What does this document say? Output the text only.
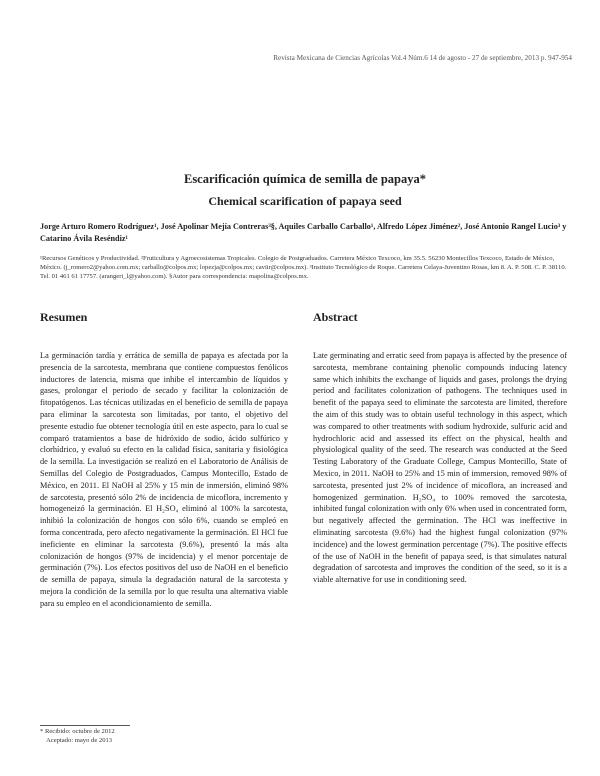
Revista Mexicana de Ciencias Agrícolas Vol.4 Núm.6 14 de agosto - 27 de septiembre, 2013 p. 947-954
Escarificación química de semilla de papaya*
Chemical scarification of papaya seed
Jorge Arturo Romero Rodríguez¹, José Apolinar Mejía Contreras³§, Aquiles Carballo Carballo¹, Alfredo López Jiménez², José Antonio Rangel Lucio³ y Catarino Ávila Reséndiz¹
¹Recursos Genéticos y Productividad. ²Fruticultura y Agroecosistemas Tropicales. Colegio de Postgraduados. Carretera México Texcoco, km 35.5. 56230 Montecillos Texcoco, Estado de México, México. (j_romero2@yahoo.com.mx; carballo@colpos.mx; lopezja@colpos.mx; caviir@colpos.mx). ³Instituto Tecnológico de Roque. Carretera Celaya-Juventino Rosas, km 8. A. P. 508. C. P. 38110. Tel. 01 461 61 17757. (arangeri_l@yahoo.com). §Autor para correspondencia: mapolina@colpos.mx.
Resumen	Abstract

La germinación tardía y errática de semilla de papaya es afectada por la presencia de la sarcotesta, membrana que contiene compuestos fenólicos inductores de latencia, misma que inhibe el intercambio de líquidos y gases, prolongar el periodo de secado y facilitar la colonización de fitopatógenos. Las técnicas utilizadas en el beneficio de semilla de papaya para eliminar la sarcotesta son limitadas, por tanto, el objetivo del presente estudio fue obtener tecnología útil en este aspecto, para lo cual se comparó tratamientos a base de hidróxido de sodio, ácido sulfúrico y clorhídrico, y evaluó su efecto en la calidad física, sanitaria y fisiológica de la semilla. La investigación se realizó en el Laboratorio de Análisis de Semillas del Colegio de Postgraduados, Campus Montecillo, Estado de México, en 2011. El NaOH al 25% y 15 min de inmersión, eliminó 98% de sarcotesta, presentó sólo 2% de incidencia de micoflora, incremento y homogeneizó la germinación. El H₂SO₄ eliminó al 100% la sarcotesta, inhibió la colonización de hongos con sólo 6%, cuando se empleó en forma concentrada, pero afecto negativamente la germinación. El HCl fue ineficiente en eliminar la sarcotesta (9.6%), presentó la más alta colonización de hongos (97% de incidencia) y el menor porcentaje de germinación (7%). Los efectos positivos del uso de NaOH en el beneficio de semilla de papaya, simula la degradación natural de la sarcotesta y mejora la condición de la semilla por lo que resulta una alternativa viable para su empleo en el acondicionamiento de semilla.

Late germinating and erratic seed from papaya is affected by the presence of sarcotesta, membrane containing phenolic compounds inducing latency same which inhibits the exchange of liquids and gases, prolongs the drying period and facilitates colonization of pathogens. The techniques used in benefit of the papaya seed to eliminate the sarcotesta are limited, therefore the aim of this study was to obtain useful technology in this aspect, which was compared to other treatments with sodium hydroxide, sulfuric acid and hydrochloric acid and assessed its effect on the physical, health and physiological quality of the seed. The research was conducted at the Seed Testing Laboratory of the Graduate College, Campus Montecillo, State of Mexico, in 2011. NaOH to 25% and 15 min of immersion, removed 98% of sarcotesta, presented just 2% of incidence of micoflora, an increased and homogenized germination. H₂SO₄ to 100% removed the sarcotesta, inhibited fungal colonization with only 6% when used in concentrated form, but negatively affected the germination. The HCl was ineffective in eliminating sarcotesta (9.6%) had the highest fungal colonization (97% incidence) and the lowest germination percentage (7%). The positive effects of the use of NaOH in the benefit of papaya seed, is that simulates natural degradation of sarcotesta and improves the condition of the seed, so it is a viable alternative for use in conditioning seed.

* Recibido: octubre de 2012
Aceptado: mayo de 2013
